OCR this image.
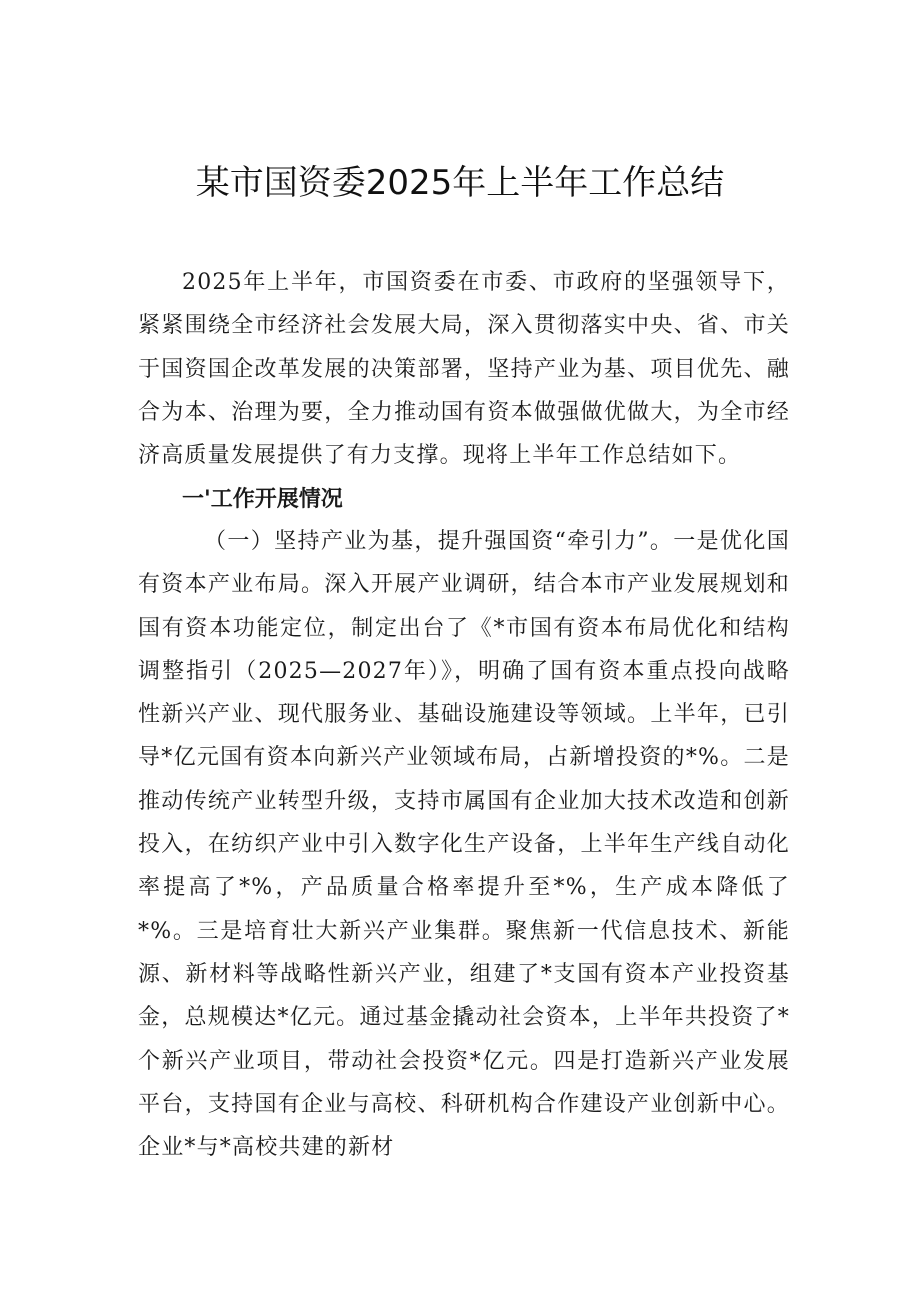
某市国资委2025年上半年工作总结

2025年上半年，市国资委在市委、市政府的坚强领导下，紧紧围绕全市经济社会发展大局，深入贯彻落实中央、省、市关于国资国企改革发展的决策部署，坚持产业为基、项目优先、融合为本、治理为要，全力推动国有资本做强做优做大，为全市经济高质量发展提供了有力支撑。现将上半年工作总结如下。

一'工作开展情况

（一）坚持产业为基，提升强国资“牵引力”。一是优化国有资本产业布局。深入开展产业调研，结合本市产业发展规划和国有资本功能定位，制定出台了《*市国有资本布局优化和结构调整指引（2025—2027年）》，明确了国有资本重点投向战略性新兴产业、现代服务业、基础设施建设等领域。上半年，已引导*亿元国有资本向新兴产业领域布局，占新增投资的*%。二是推动传统产业转型升级，支持市属国有企业加大技术改造和创新投入，在纺织产业中引入数字化生产设备，上半年生产线自动化率提高了*%，产品质量合格率提升至*%，生产成本降低了*%。三是培育壮大新兴产业集群。聚焦新一代信息技术、新能源、新材料等战略性新兴产业，组建了*支国有资本产业投资基金，总规模达*亿元。通过基金撬动社会资本，上半年共投资了*个新兴产业项目，带动社会投资*亿元。四是打造新兴产业发展平台，支持国有企业与高校、科研机构合作建设产业创新中心。企业*与*高校共建的新材
